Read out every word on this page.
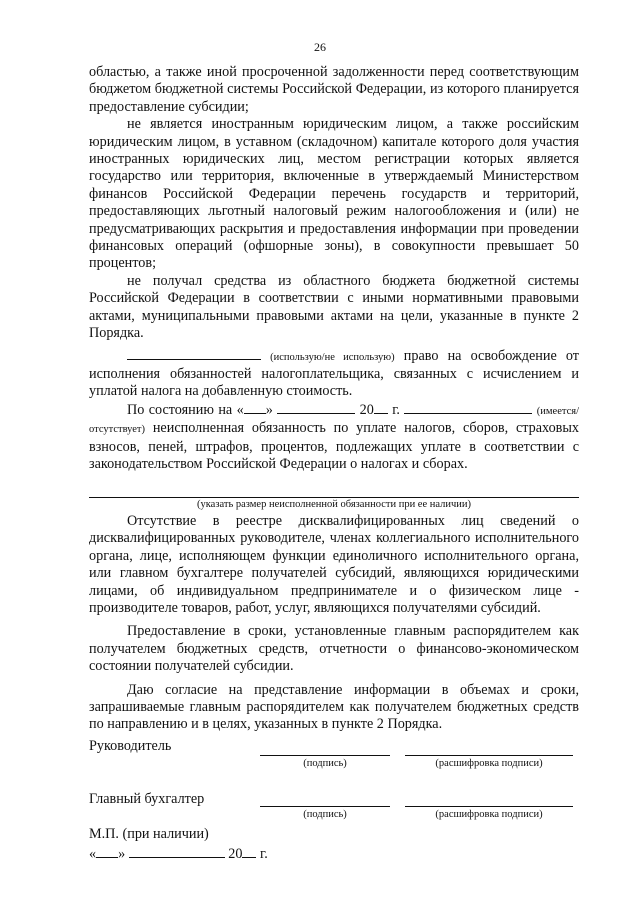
26

областью, а также иной просроченной задолженности перед соответствующим бюджетом бюджетной системы Российской Федерации, из которого планируется предоставление субсидии;

не является иностранным юридическим лицом, а также российским юридическим лицом, в уставном (складочном) капитале которого доля участия иностранных юридических лиц, местом регистрации которых является государство или территория, включенные в утверждаемый Министерством финансов Российской Федерации перечень государств и территорий, предоставляющих льготный налоговый режим налогообложения и (или) не предусматривающих раскрытия и предоставления информации при проведении финансовых операций (офшорные зоны), в совокупности превышает 50 процентов;

не получал средства из областного бюджета бюджетной системы Российской Федерации в соответствии с иными нормативными правовыми актами, муниципальными правовыми актами на цели, указанные в пункте 2 Порядка.

(использую/не использую) право на освобождение от исполнения обязанностей налогоплательщика, связанных с исчислением и уплатой налога на добавленную стоимость.

По состоянию на « »	20 г.	(имеется/отсутствует) неисполненная обязанность по уплате налогов, сборов, страховых взносов, пеней, штрафов, процентов, подлежащих уплате в соответствии с законодательством Российской Федерации о налогах и сборах.

(указать размер неисполненной обязанности при ее наличии)

Отсутствие в реестре дисквалифицированных лиц сведений о дисквалифицированных руководителе, членах коллегиального исполнительного органа, лице, исполняющем функции единоличного исполнительного органа, или главном бухгалтере получателей субсидий, являющихся юридическими лицами, об индивидуальном предпринимателе и о физическом лице - производителе товаров, работ, услуг, являющихся получателями субсидий.

Предоставление в сроки, установленные главным распорядителем как получателем бюджетных средств, отчетности о финансово-экономическом состоянии получателей субсидии.

Даю согласие на представление информации в объемах и сроки, запрашиваемые главным распорядителем как получателем бюджетных средств по направлению и в целях, указанных в пункте 2 Порядка.

Руководитель
(подпись)	(расшифровка подписи)
Главный бухгалтер
(подпись)	(расшифровка подписи)
М.П. (при наличии)
« »	20 г.
